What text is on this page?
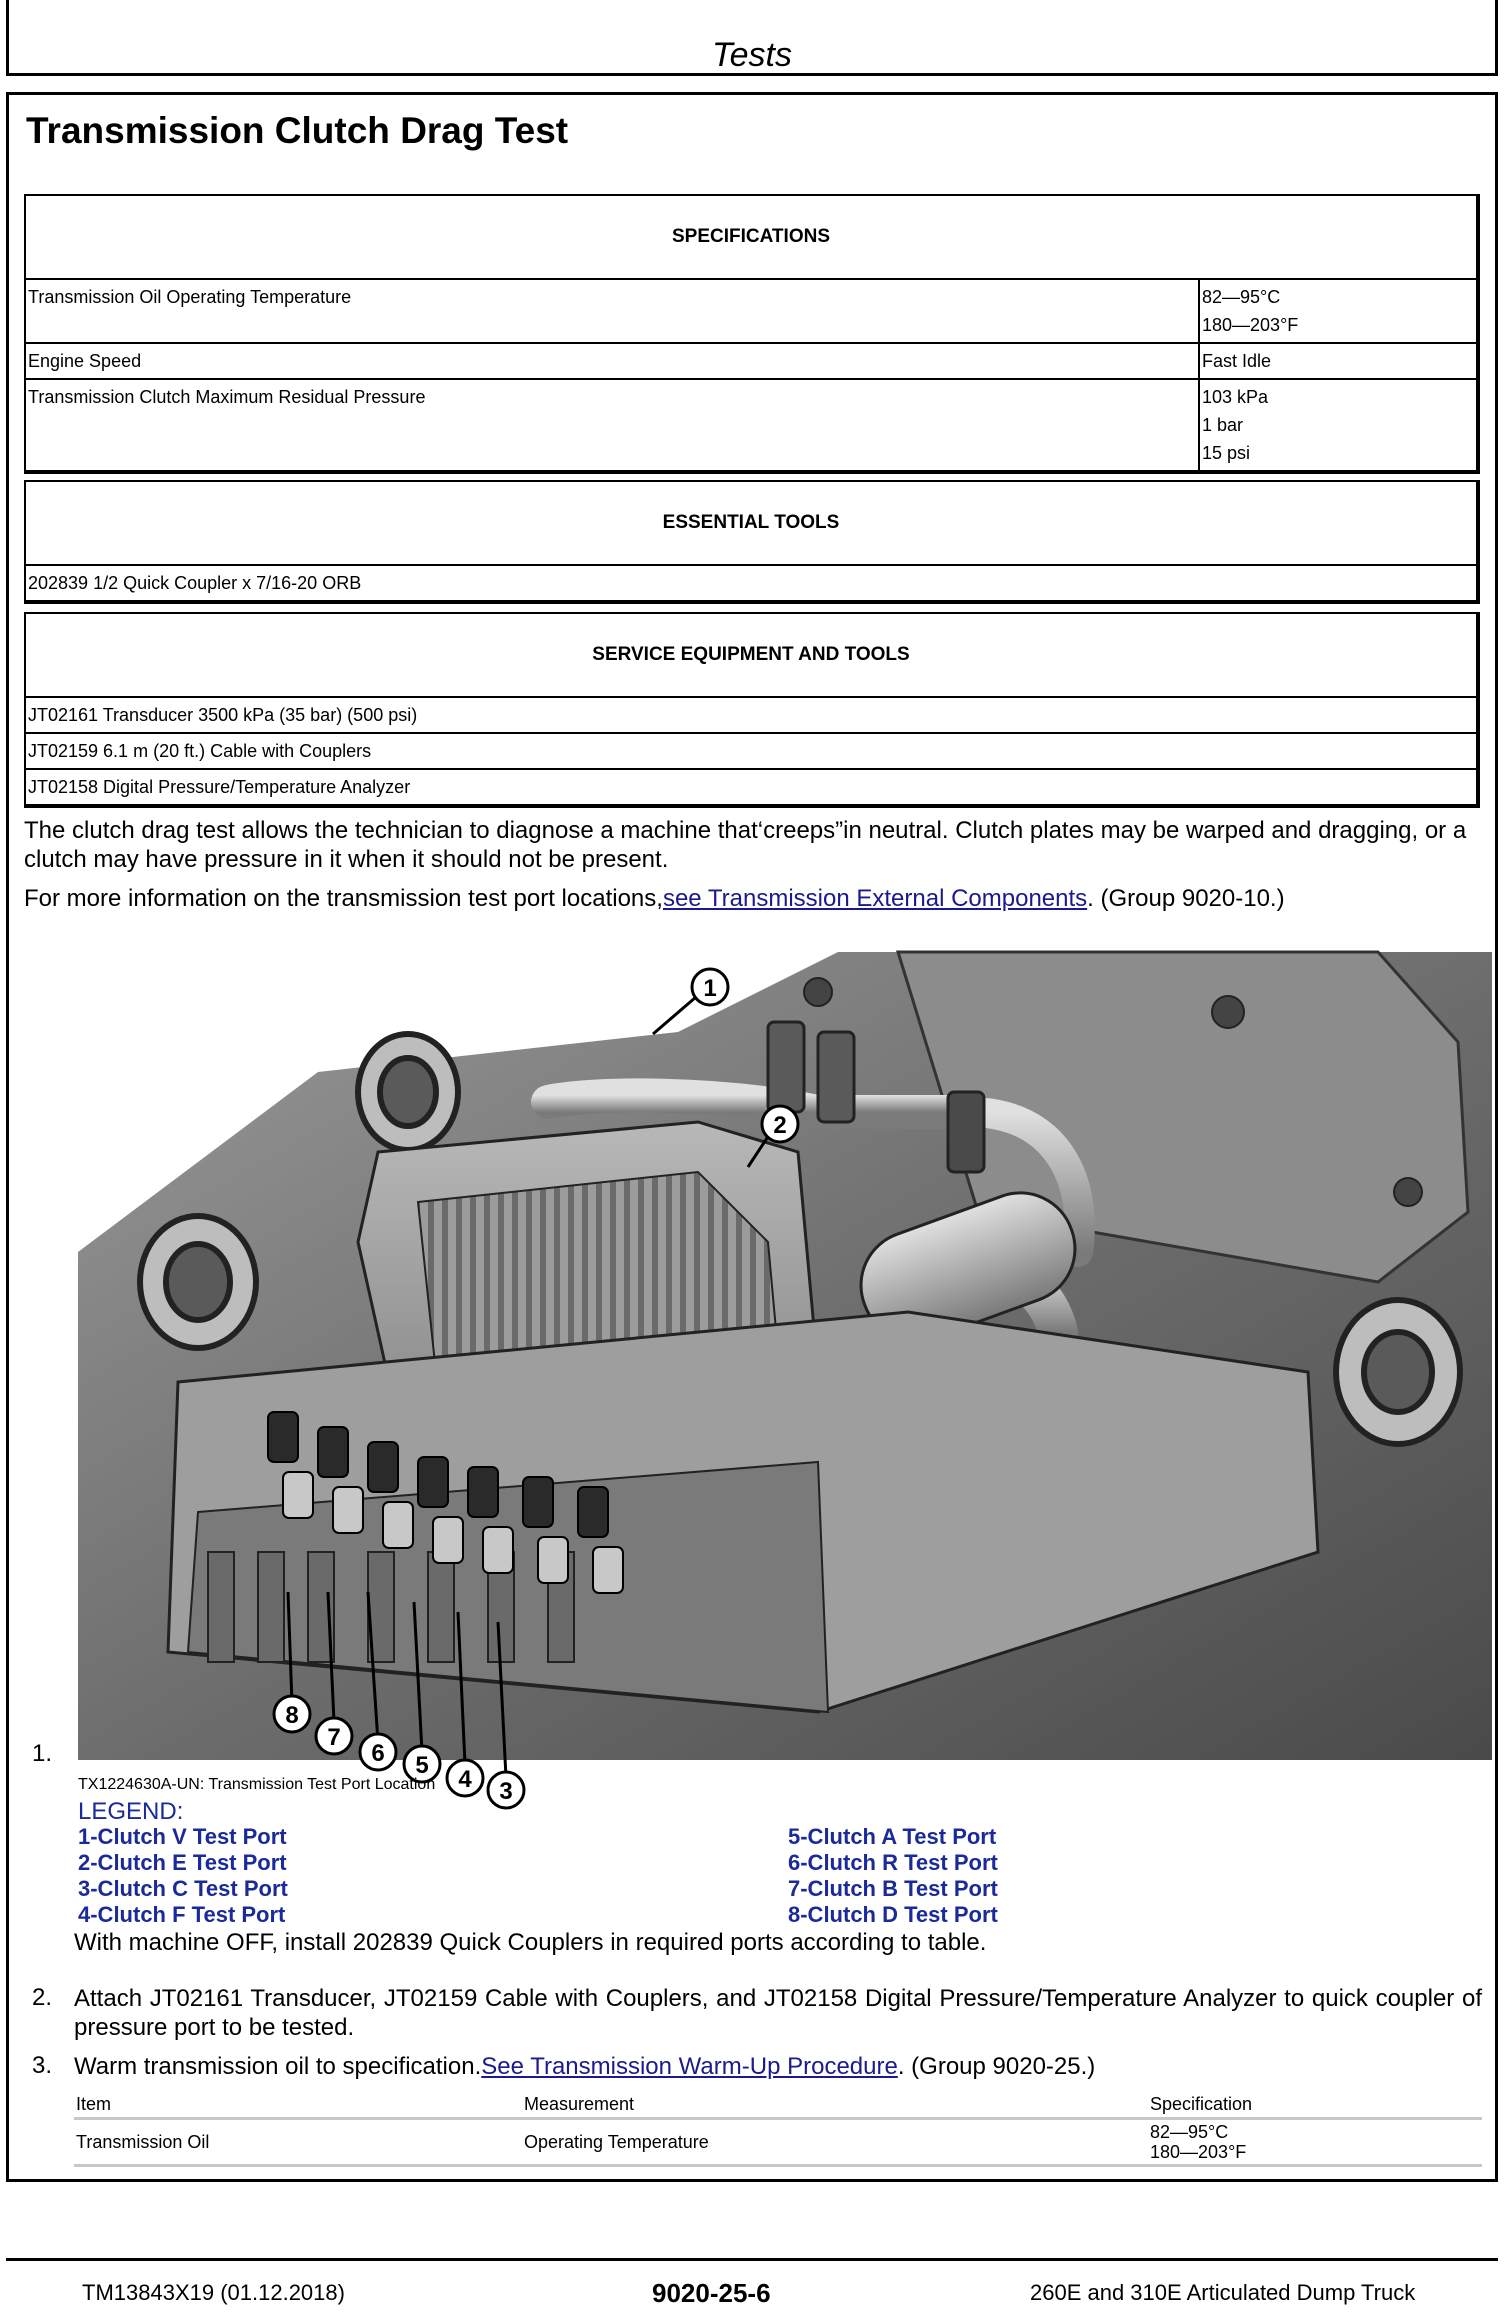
Tests
Transmission Clutch Drag Test
SPECIFICATIONS	
Transmission Oil Operating Temperature	82—95°C
180—203°F

Engine Speed	Fast Idle

Transmission Clutch Maximum Residual Pressure	103 kPa
1 bar
15 psi
ESSENTIAL TOOLS
202839 1/2 Quick Coupler x 7/16-20 ORB
SERVICE EQUIPMENT AND TOOLS
JT02161 Transducer 3500 kPa (35 bar) (500 psi)
JT02159 6.1 m (20 ft.) Cable with Couplers
JT02158 Digital Pressure/Temperature Analyzer
The clutch drag test allows the technician to diagnose a machine that‘creeps”in neutral. Clutch plates may be warped and dragging, or a clutch may have pressure in it when it should not be present.
For more information on the transmission test port locations,see Transmission External Components. (Group 9020-10.)
1
2
3
4
5
6
7
8
1.
TX1224630A-UN: Transmission Test Port Location
LEGEND:
1-Clutch V Test Port
2-Clutch E Test Port
3-Clutch C Test Port
4-Clutch F Test Port
5-Clutch A Test Port
6-Clutch R Test Port
7-Clutch B Test Port
8-Clutch D Test Port
With machine OFF, install 202839 Quick Couplers in required ports according to table.
2. Attach JT02161 Transducer, JT02159 Cable with Couplers, and JT02158 Digital Pressure/Temperature Analyzer to quick coupler of pressure port to be tested.
3. Warm transmission oil to specification.See Transmission Warm-Up Procedure. (Group 9020-25.)
Item	Measurement	Specification
Transmission Oil	Operating Temperature	82—95°C
180—203°F
TM13843X19 (01.12.2018)	9020-25-6	260E and 310E Articulated Dump Truck
